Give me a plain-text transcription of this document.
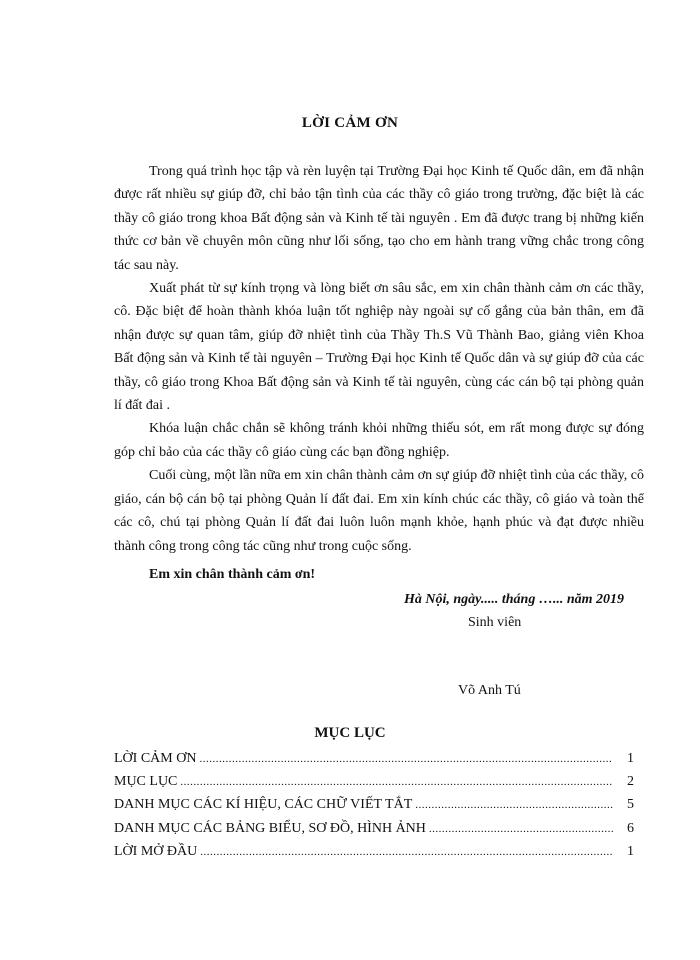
LỜI CẢM ƠN

Trong quá trình học tập và rèn luyện tại Trường Đại học Kinh tế Quốc dân, em đã nhận được rất nhiều sự giúp đỡ, chỉ bảo tận tình của các thầy cô giáo trong trường, đặc biệt là các thầy cô giáo trong khoa Bất động sản và Kinh tế tài nguyên . Em đã được trang bị những kiến thức cơ bản về chuyên môn cũng như lối sống, tạo cho em hành trang vững chắc trong công tác sau này.

Xuất phát từ sự kính trọng và lòng biết ơn sâu sắc, em xin chân thành cảm ơn các thầy, cô. Đặc biệt để hoàn thành khóa luận tốt nghiệp này ngoài sự cố gắng của bản thân, em đã nhận được sự quan tâm, giúp đỡ nhiệt tình của Thầy Th.S Vũ Thành Bao, giảng viên Khoa Bất động sản và Kinh tế tài nguyên – Trường Đại học Kinh tế Quốc dân và sự giúp đỡ của các thầy, cô giáo trong Khoa Bất động sản và Kinh tế tài nguyên, cùng các cán bộ tại phòng quản lí đất đai .

Khóa luận chắc chắn sẽ không tránh khỏi những thiếu sót, em rất mong được sự đóng góp chỉ bảo của các thầy cô giáo cùng các bạn đồng nghiệp.

Cuối cùng, một lần nữa em xin chân thành cảm ơn sự giúp đỡ nhiệt tình của các thầy, cô giáo, cán bộ cán bộ tại phòng Quản lí đất đai. Em xin kính chúc các thầy, cô giáo và toàn thể các cô, chú tại phòng Quản lí đất đai luôn luôn mạnh khỏe, hạnh phúc và đạt được nhiều thành công trong công tác cũng như trong cuộc sống.

Em xin chân thành cảm ơn!
Hà Nội, ngày..... tháng …... năm 2019
Sinh viên
Võ Anh Tú
MỤC LỤC
LỜI CẢM ƠN .....	1
MỤC LỤC .....	2
DANH MỤC CÁC KÍ HIỆU, CÁC CHỮ VIẾT TẮT .....	5
DANH MỤC CÁC BẢNG BIỂU, SƠ ĐỒ, HÌNH ẢNH .....	6
LỜI MỞ ĐẦU .....	1
